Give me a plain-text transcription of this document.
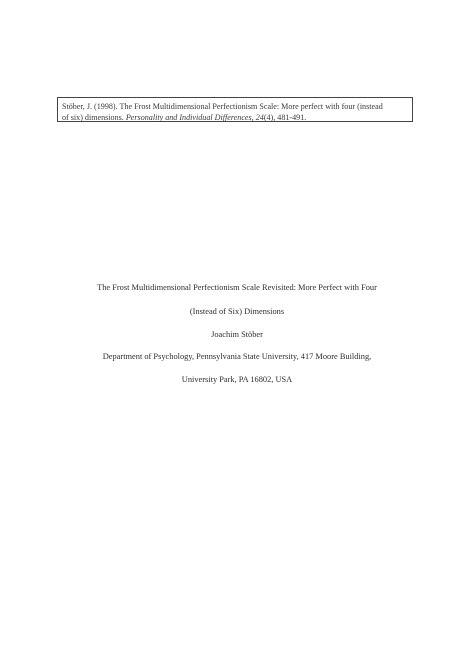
Stöber, J. (1998). The Frost Multidimensional Perfectionism Scale: More perfect with four (instead
of six) dimensions. Personality and Individual Differences, 24(4), 481-491.
The Frost Multidimensional Perfectionism Scale Revisited: More Perfect with Four
(Instead of Six) Dimensions
Joachim Stöber
Department of Psychology, Pennsylvania State University, 417 Moore Building,
University Park, PA 16802, USA
